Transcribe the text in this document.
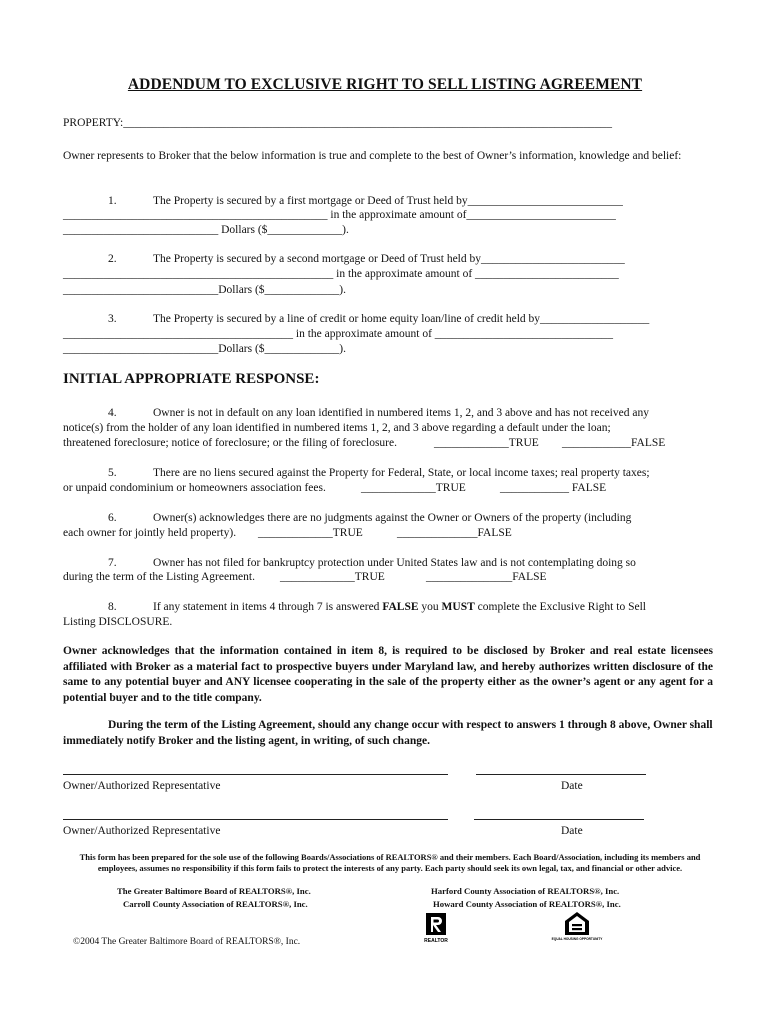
ADDENDUM TO EXCLUSIVE RIGHT TO SELL LISTING AGREEMENT
PROPERTY:_____________________________________________________________________________________
Owner represents to Broker that the below information is true and complete to the best of Owner’s information, knowledge and belief:
1.	The Property is secured by a first mortgage or Deed of Trust held by___________________________
______________________________________________ in the approximate amount of__________________________
___________________________ Dollars ($_____________).
2.	The Property is secured by a second mortgage or Deed of Trust held by_________________________
_______________________________________________ in the approximate amount of _________________________
___________________________Dollars ($_____________).
3.	The Property is secured by a line of credit or home equity loan/line of credit held by___________________
________________________________________ in the approximate amount of _______________________________
___________________________Dollars ($_____________).
INITIAL APPROPRIATE RESPONSE:
4.	Owner is not in default on any loan identified in numbered items 1, 2, and 3 above and has not received any
notice(s) from the holder of any loan identified in numbered items 1, 2, and 3 above regarding a default under the loan;
threatened foreclosure; notice of foreclosure; or the filing of foreclosure.	_____________TRUE ____________FALSE
5.	There are no liens secured against the Property for Federal, State, or local income taxes; real property taxes;
or unpaid condominium or homeowners association fees.	_____________TRUE	____________ FALSE
6.	Owner(s) acknowledges there are no judgments against the Owner or Owners of the property (including
each owner for jointly held property). _____________TRUE	______________FALSE
7.	Owner has not filed for bankruptcy protection under United States law and is not contemplating doing so
during the term of the Listing Agreement. _____________TRUE	_______________FALSE
8.	If any statement in items 4 through 7 is answered FALSE you MUST complete the Exclusive Right to Sell
Listing DISCLOSURE.
Owner acknowledges that the information contained in item 8, is required to be disclosed by Broker and real estate licensees affiliated with Broker as a material fact to prospective buyers under Maryland law, and hereby authorizes written disclosure of the same to any potential buyer and ANY licensee cooperating in the sale of the property either as the owner’s agent or any agent for a potential buyer and to the title company.
During the term of the Listing Agreement, should any change occur with respect to answers 1 through 8 above, Owner shall immediately notify Broker and the listing agent, in writing, of such change.
Owner/Authorized Representative	Date
Owner/Authorized Representative	Date
This form has been prepared for the sole use of the following Boards/Associations of REALTORS® and their members. Each Board/Association, including its members and employees, assumes no responsibility if this form fails to protect the interests of any party. Each party should seek its own legal, tax, and financial or other advice.
The Greater Baltimore Board of REALTORS®, Inc.
Carroll County Association of REALTORS®, Inc.
Harford County Association of REALTORS®, Inc.
Howard County Association of REALTORS®, Inc.
REALTOR	EQUAL HOUSING OPPORTUNITY
©2004 The Greater Baltimore Board of REALTORS®, Inc.
